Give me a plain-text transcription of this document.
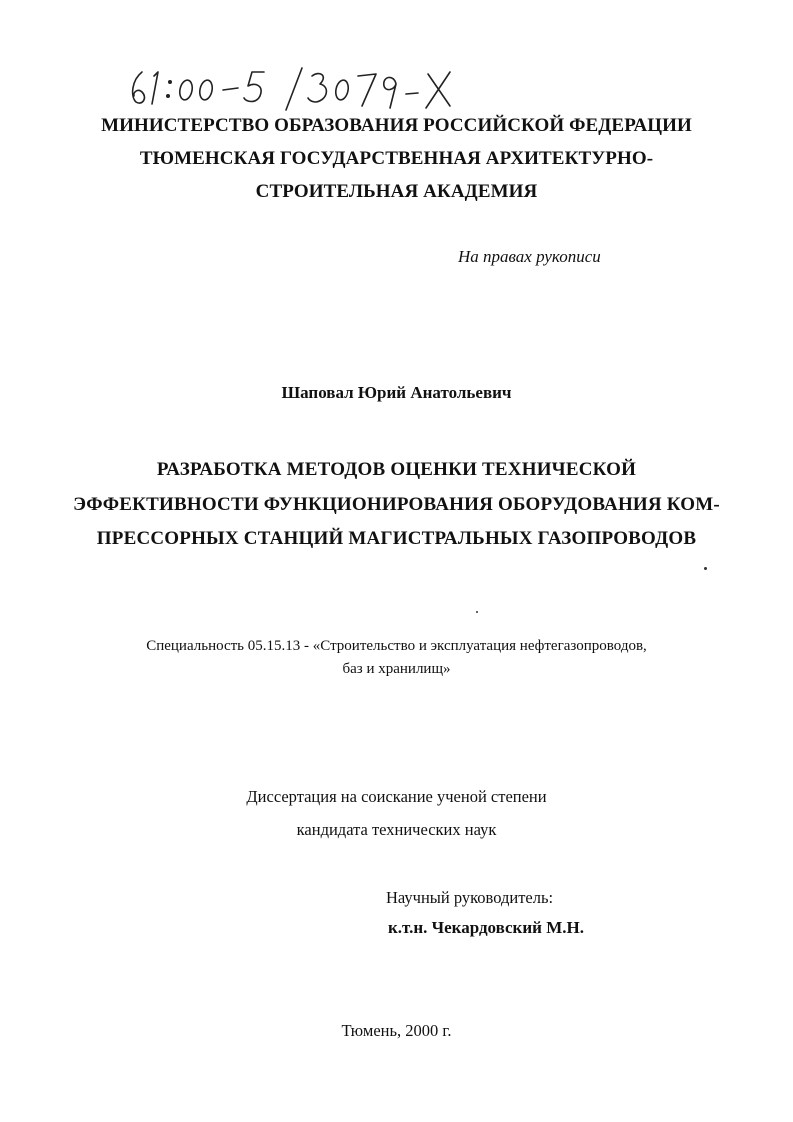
МИНИСТЕРСТВО ОБРАЗОВАНИЯ РОССИЙСКОЙ ФЕДЕРАЦИИ
ТЮМЕНСКАЯ ГОСУДАРСТВЕННАЯ АРХИТЕКТУРНО-
СТРОИТЕЛЬНАЯ АКАДЕМИЯ
На правах рукописи
Шаповал Юрий Анатольевич
РАЗРАБОТКА МЕТОДОВ ОЦЕНКИ ТЕХНИЧЕСКОЙ
ЭФФЕКТИВНОСТИ ФУНКЦИОНИРОВАНИЯ ОБОРУДОВАНИЯ КОМ-
ПРЕССОРНЫХ СТАНЦИЙ МАГИСТРАЛЬНЫХ ГАЗОПРОВОДОВ
Специальность 05.15.13 - «Строительство и эксплуатация нефтегазопроводов,
баз и хранилищ»
Диссертация на соискание ученой степени
кандидата технических наук
Научный руководитель:
к.т.н. Чекардовский М.Н.
Тюмень, 2000 г.
